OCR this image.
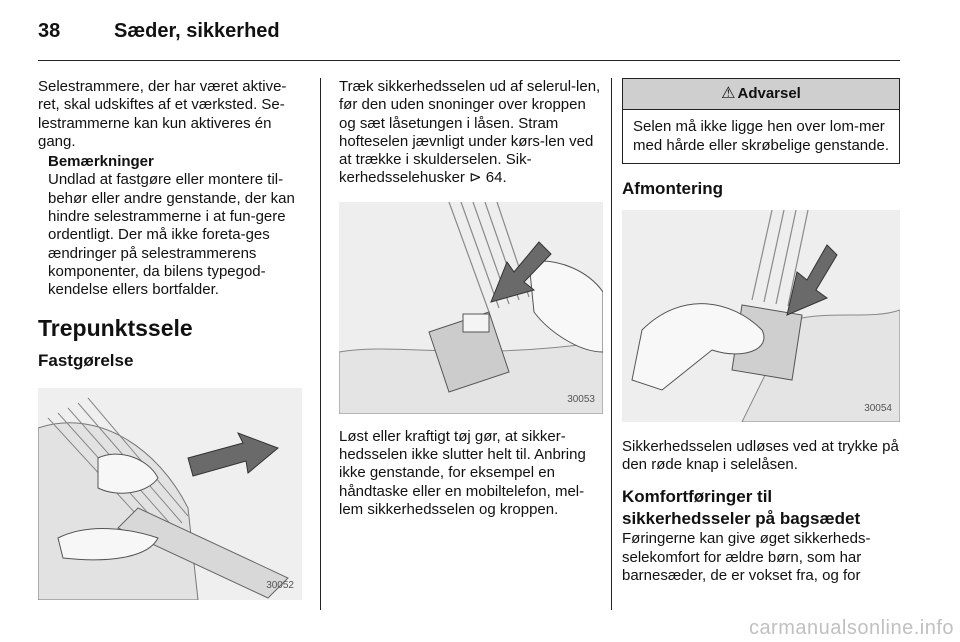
38	Sæder, sikkerhed

Selestrammere, der har været aktive-ret, skal udskiftes af et værksted. Se-lestrammerne kan kun aktiveres én gang.

Bemærkninger

Undlad at fastgøre eller montere til-behør eller andre genstande, der kan hindre selestrammerne i at fun-gere ordentligt. Der må ikke foreta-ges ændringer på selestrammerens komponenter, da bilens typegod-kendelse ellers bortfalder.

Trepunktssele
Fastgørelse
30052

Træk sikkerhedsselen ud af selerul-len, før den uden snoninger over kroppen og sæt låsetungen i låsen. Stram hofteselen jævnligt under kørs-len ved at trække i skulderselen. Sik-kerhedsselehusker ⊳ 64.

30053

Løst eller kraftigt tøj gør, at sikker-hedsselen ikke slutter helt til. Anbring ikke genstande, for eksempel en håndtaske eller en mobiltelefon, mel-lem sikkerhedsselen og kroppen.

⚠ Advarsel
Selen må ikke ligge hen over lom-mer med hårde eller skrøbelige genstande.
Afmontering
30054

Sikkerhedsselen udløses ved at trykke på den røde knap i selelåsen.

Komfortføringer til sikkerhedsseler på bagsædet

Føringerne kan give øget sikkerheds-selekomfort for ældre børn, som har barnesæder, de er vokset fra, og for

carmanualsonline.info
